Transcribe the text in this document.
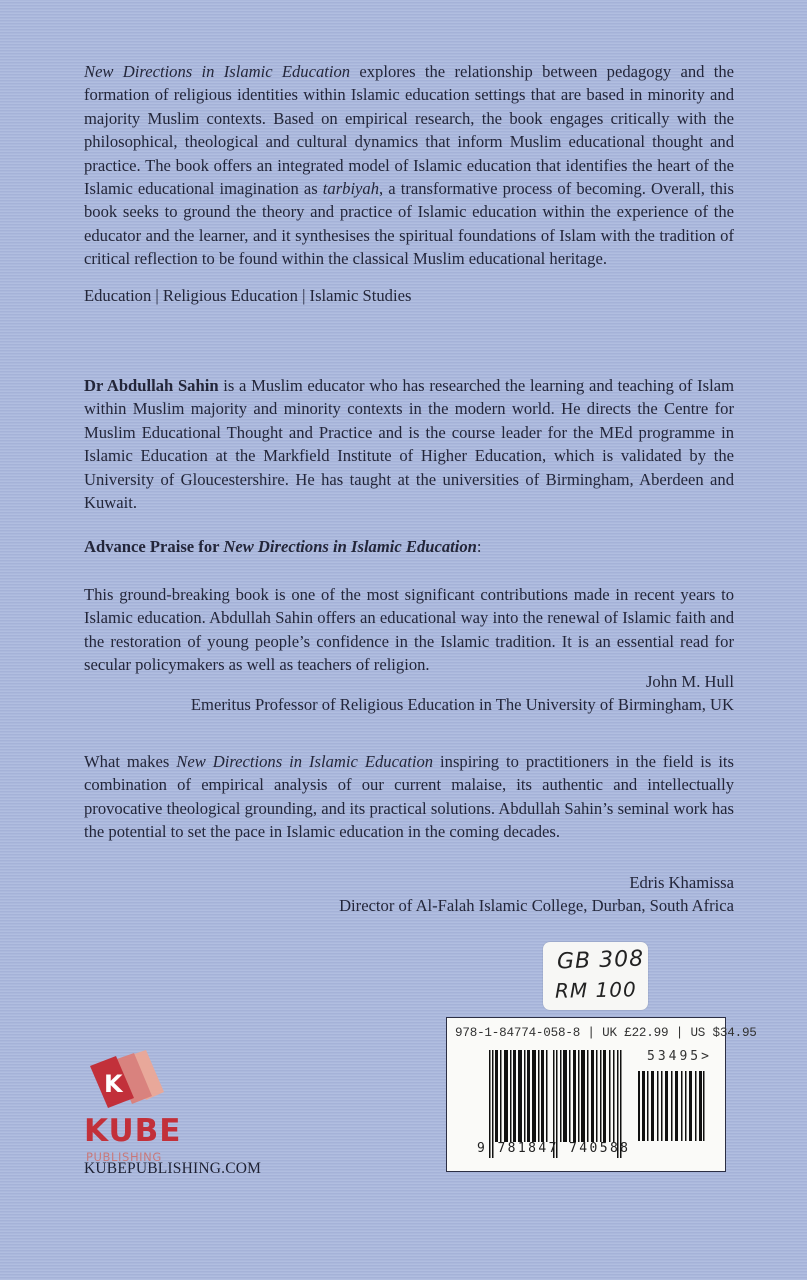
New Directions in Islamic Education explores the relationship between pedagogy and the formation of religious identities within Islamic education settings that are based in minority and majority Muslim contexts. Based on empirical research, the book engages critically with the philosophical, theological and cultural dynamics that inform Muslim educational thought and practice. The book offers an integrated model of Islamic education that identifies the heart of the Islamic educational imagination as tarbiyah, a transformative process of becoming. Overall, this book seeks to ground the theory and practice of Islamic education within the experience of the educator and the learner, and it synthesises the spiritual foundations of Islam with the tradition of critical reflection to be found within the classical Muslim educational heritage.

Education | Religious Education | Islamic Studies

Dr Abdullah Sahin is a Muslim educator who has researched the learning and teaching of Islam within Muslim majority and minority contexts in the modern world. He directs the Centre for Muslim Educational Thought and Practice and is the course leader for the MEd programme in Islamic Education at the Markfield Institute of Higher Education, which is validated by the University of Gloucestershire. He has taught at the universities of Birmingham, Aberdeen and Kuwait.

Advance Praise for New Directions in Islamic Education:

This ground-breaking book is one of the most significant contributions made in recent years to Islamic education. Abdullah Sahin offers an educational way into the renewal of Islamic faith and the restoration of young people’s confidence in the Islamic tradition. It is an essential read for secular policymakers as well as teachers of religion.

John M. Hull
Emeritus Professor of Religious Education in The University of Birmingham, UK

What makes New Directions in Islamic Education inspiring to practitioners in the field is its combination of empirical analysis of our current malaise, its authentic and intellectually provocative theological grounding, and its practical solutions. Abdullah Sahin’s seminal work has the potential to set the pace in Islamic education in the coming decades.

Edris Khamissa
Director of Al-Falah Islamic College, Durban, South Africa
GB 308
RM 100
978-1-84774-058-8 | UK £22.99 | US $34.95
53495>
9 781847 740588
K
KUBE
PUBLISHING
KUBEPUBLISHING.COM
